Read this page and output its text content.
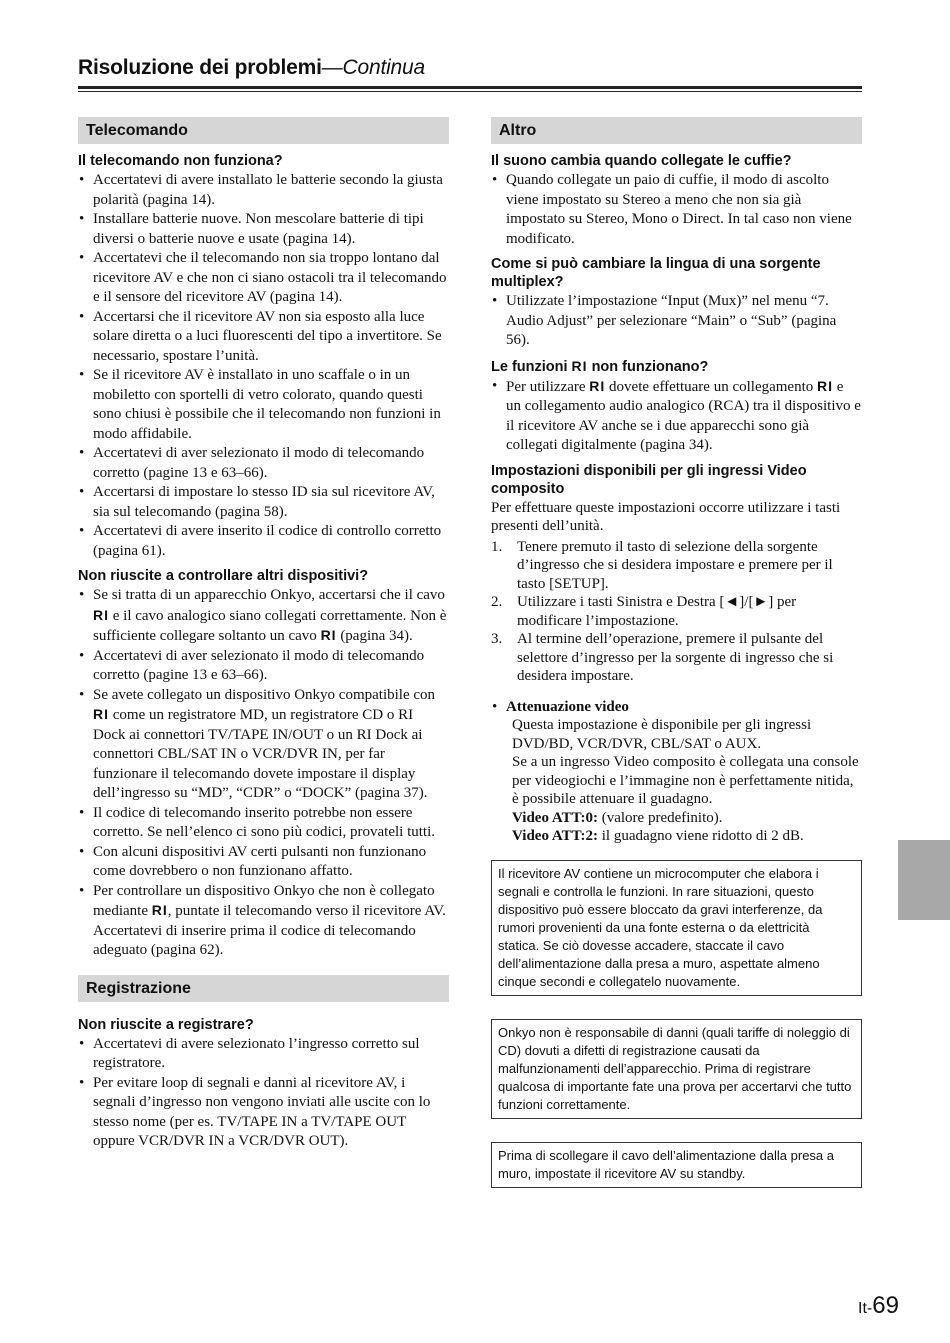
Risoluzione dei problemi—Continua
Telecomando
Il telecomando non funziona?
• Accertatevi di avere installato le batterie secondo la giusta polarità (pagina 14).
• Installare batterie nuove. Non mescolare batterie di tipi diversi o batterie nuove e usate (pagina 14).
• Accertatevi che il telecomando non sia troppo lontano dal ricevitore AV e che non ci siano ostacoli tra il telecomando e il sensore del ricevitore AV (pagina 14).
• Accertarsi che il ricevitore AV non sia esposto alla luce solare diretta o a luci fluorescenti del tipo a invertitore. Se necessario, spostare l’unità.
• Se il ricevitore AV è installato in uno scaffale o in un mobiletto con sportelli di vetro colorato, quando questi sono chiusi è possibile che il telecomando non funzioni in modo affidabile.
• Accertatevi di aver selezionato il modo di telecomando corretto (pagine 13 e 63–66).
• Accertarsi di impostare lo stesso ID sia sul ricevitore AV, sia sul telecomando (pagina 58).
• Accertatevi di avere inserito il codice di controllo corretto (pagina 61).
Non riuscite a controllare altri dispositivi?
• Se si tratta di un apparecchio Onkyo, accertarsi che il cavo RI e il cavo analogico siano collegati correttamente. Non è sufficiente collegare soltanto un cavo RI (pagina 34).
• Accertatevi di aver selezionato il modo di telecomando corretto (pagine 13 e 63–66).
• Se avete collegato un dispositivo Onkyo compatibile con RI come un registratore MD, un registratore CD o RI Dock ai connettori TV/TAPE IN/OUT o un RI Dock ai connettori CBL/SAT IN o VCR/DVR IN, per far funzionare il telecomando dovete impostare il display dell’ingresso su “MD”, “CDR” o “DOCK” (pagina 37).
• Il codice di telecomando inserito potrebbe non essere corretto. Se nell’elenco ci sono più codici, provateli tutti.
• Con alcuni dispositivi AV certi pulsanti non funzionano come dovrebbero o non funzionano affatto.
• Per controllare un dispositivo Onkyo che non è collegato mediante RI, puntate il telecomando verso il ricevitore AV. Accertatevi di inserire prima il codice di telecomando adeguato (pagina 62).
Registrazione
Non riuscite a registrare?
• Accertatevi di avere selezionato l’ingresso corretto sul registratore.
• Per evitare loop di segnali e danni al ricevitore AV, i segnali d’ingresso non vengono inviati alle uscite con lo stesso nome (per es. TV/TAPE IN a TV/TAPE OUT oppure VCR/DVR IN a VCR/DVR OUT).
Altro
Il suono cambia quando collegate le cuffie?
• Quando collegate un paio di cuffie, il modo di ascolto viene impostato su Stereo a meno che non sia già impostato su Stereo, Mono o Direct. In tal caso non viene modificato.
Come si può cambiare la lingua di una sorgente multiplex?
• Utilizzate l’impostazione “Input (Mux)” nel menu “7. Audio Adjust” per selezionare “Main” o “Sub” (pagina 56).
Le funzioni RI non funzionano?
• Per utilizzare RI dovete effettuare un collegamento RI e un collegamento audio analogico (RCA) tra il dispositivo e il ricevitore AV anche se i due apparecchi sono già collegati digitalmente (pagina 34).
Impostazioni disponibili per gli ingressi Video composito

Per effettuare queste impostazioni occorre utilizzare i tasti presenti dell’unità.

1. Tenere premuto il tasto di selezione della sorgente d’ingresso che si desidera impostare e premere per il tasto [SETUP].
2. Utilizzare i tasti Sinistra e Destra [◄]/[►] per modificare l’impostazione.
3. Al termine dell’operazione, premere il pulsante del selettore d’ingresso per la sorgente di ingresso che si desidera impostare.
• Attenuazione video
Questa impostazione è disponibile per gli ingressi DVD/BD, VCR/DVR, CBL/SAT o AUX.
Se a un ingresso Video composito è collegata una console per videogiochi e l’immagine non è perfettamente nitida, è possibile attenuare il guadagno.
Video ATT:0: (valore predefinito).
Video ATT:2: il guadagno viene ridotto di 2 dB.
Il ricevitore AV contiene un microcomputer che elabora i segnali e controlla le funzioni. In rare situazioni, questo dispositivo può essere bloccato da gravi interferenze, da rumori provenienti da una fonte esterna o da elettricità statica. Se ciò dovesse accadere, staccate il cavo dell’alimentazione dalla presa a muro, aspettate almeno cinque secondi e collegatelo nuovamente.
Onkyo non è responsabile di danni (quali tariffe di noleggio di CD) dovuti a difetti di registrazione causati da malfunzionamenti dell’apparecchio. Prima di registrare qualcosa di importante fate una prova per accertarvi che tutto funzioni correttamente.
Prima di scollegare il cavo dell’alimentazione dalla presa a muro, impostate il ricevitore AV su standby.
It-69
